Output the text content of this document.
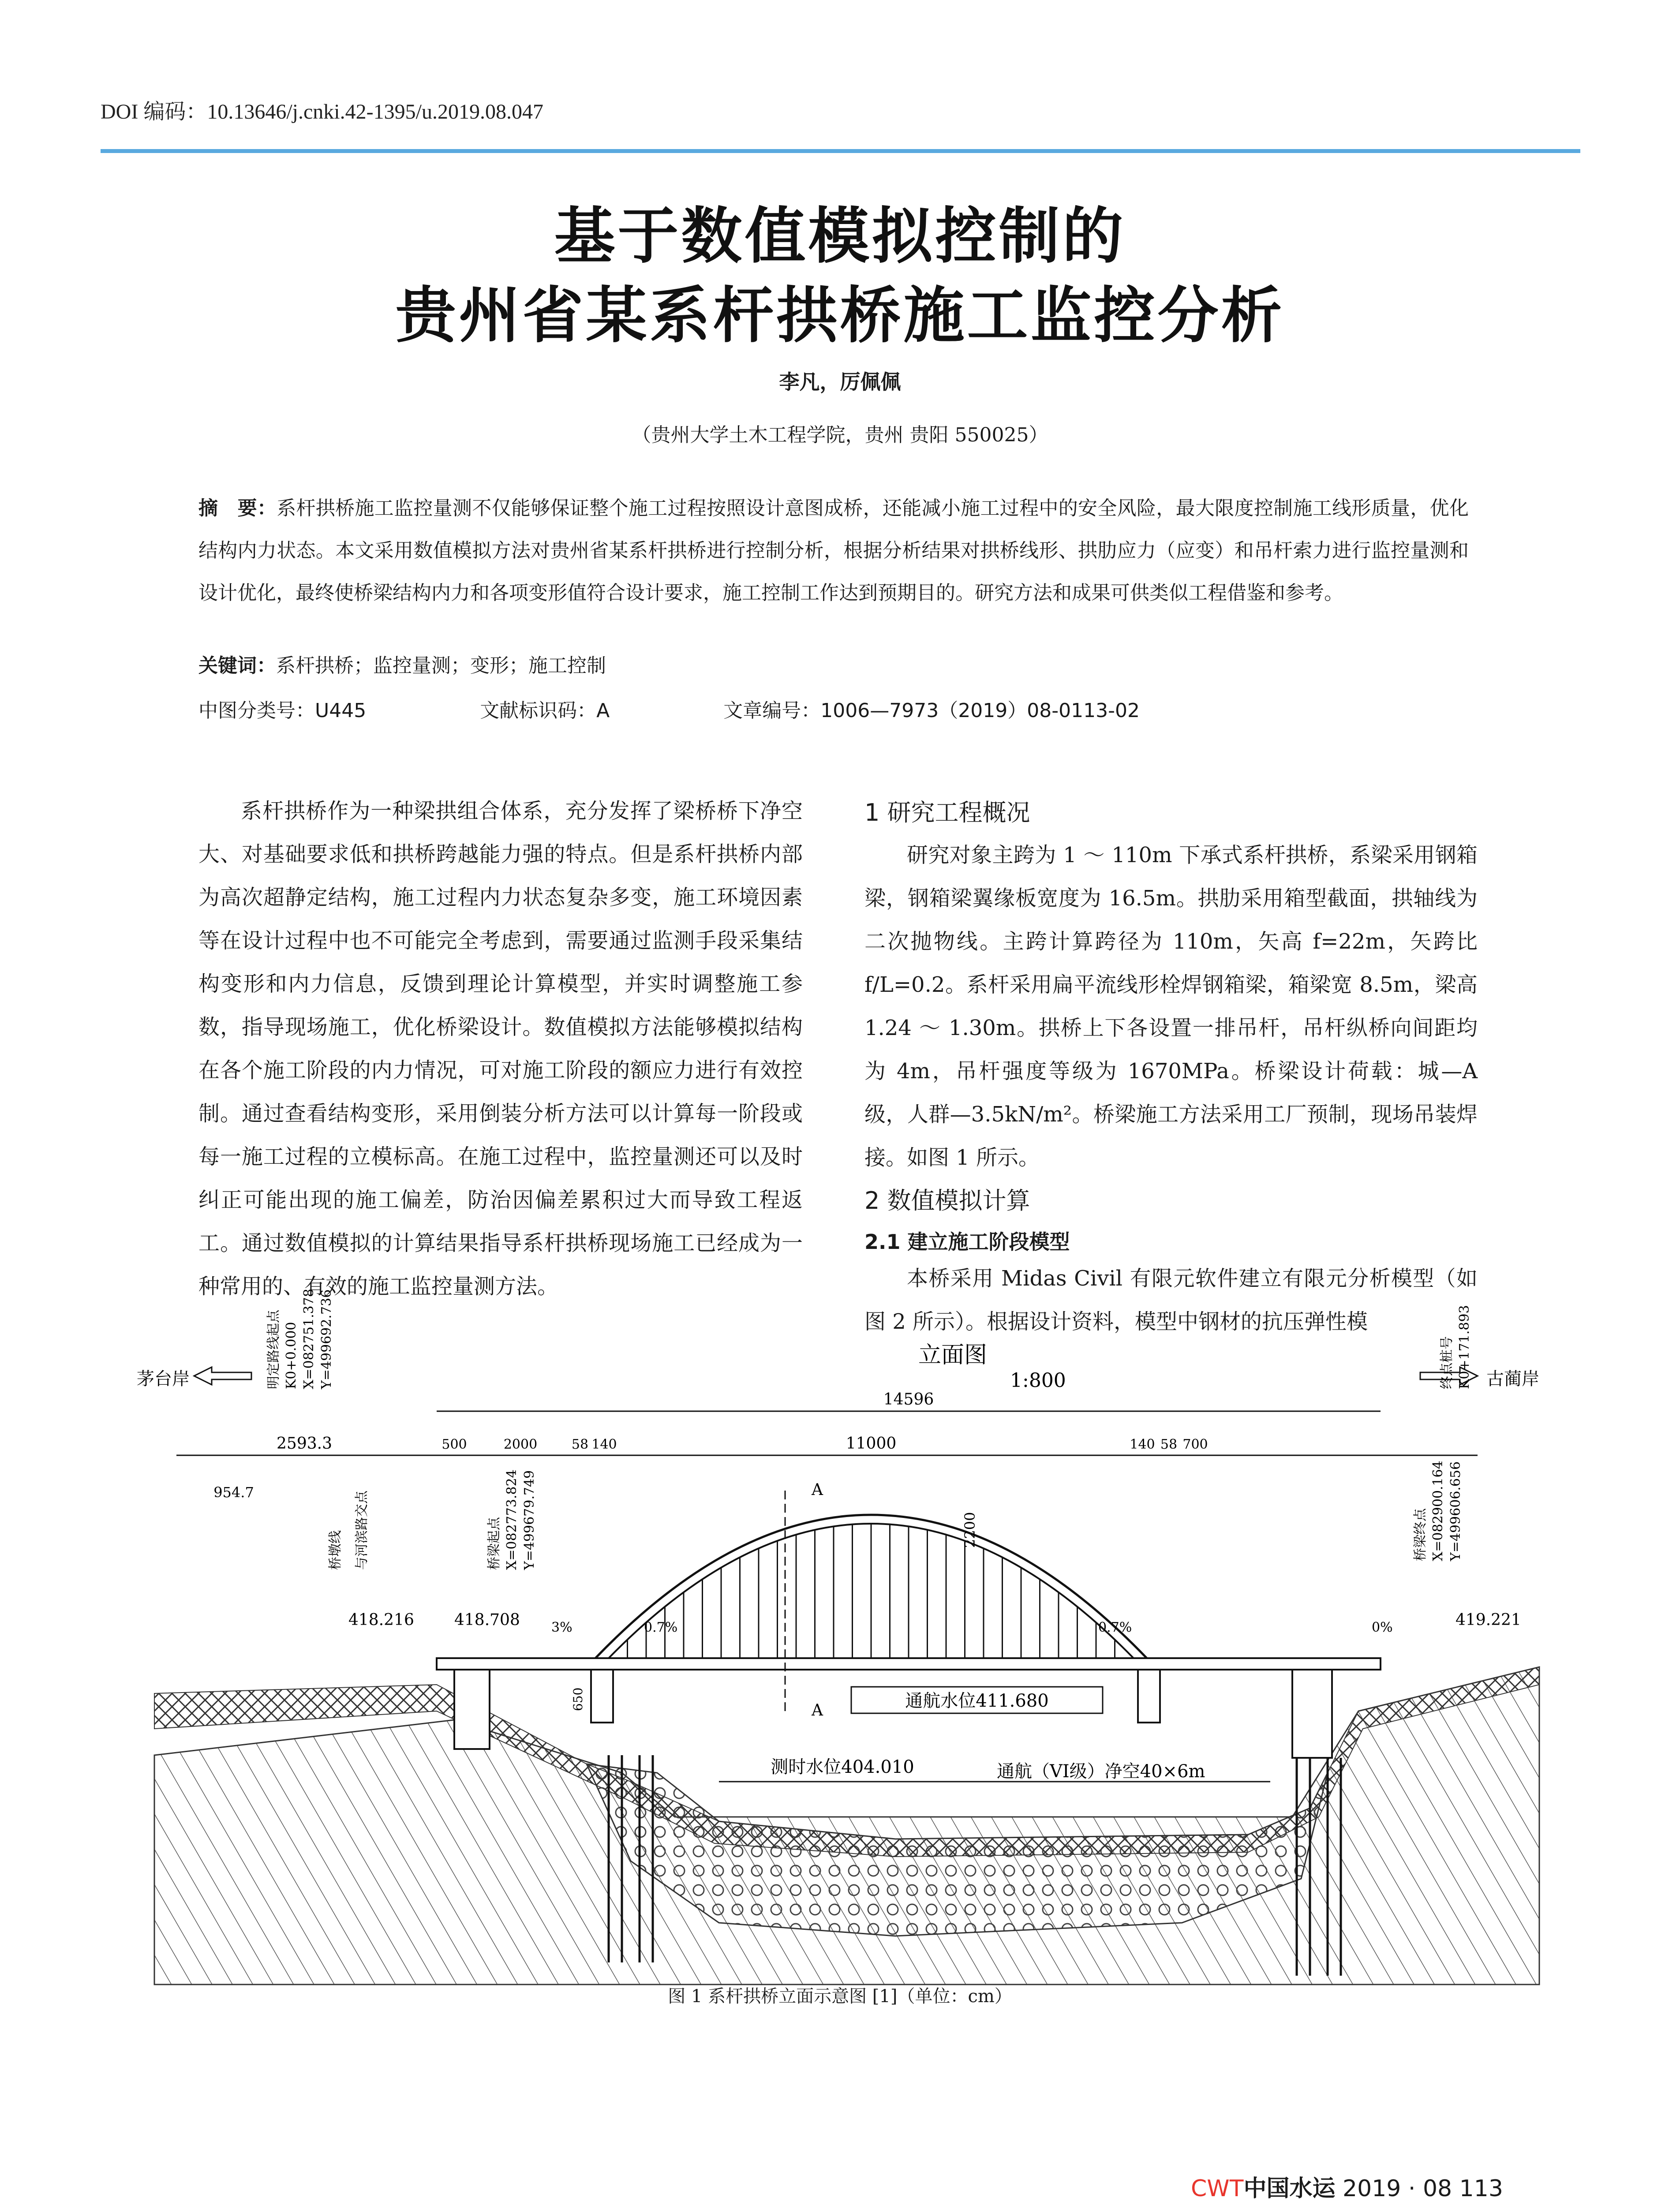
DOI 编码：10.13646/j.cnki.42-1395/u.2019.08.047
基于数值模拟控制的
贵州省某系杆拱桥施工监控分析
李凡，厉佩佩
（贵州大学土木工程学院，贵州 贵阳 550025）
摘　要：系杆拱桥施工监控量测不仅能够保证整个施工过程按照设计意图成桥，还能减小施工过程中的安全风险，最大限度控制施工线形质量，优化结构内力状态。本文采用数值模拟方法对贵州省某系杆拱桥进行控制分析，根据分析结果对拱桥线形、拱肋应力（应变）和吊杆索力进行监控量测和设计优化，最终使桥梁结构内力和各项变形值符合设计要求，施工控制工作达到预期目的。研究方法和成果可供类似工程借鉴和参考。
关键词：系杆拱桥；监控量测；变形；施工控制
中图分类号：U445	文献标识码：A	文章编号：1006—7973（2019）08-0113-02
系杆拱桥作为一种梁拱组合体系，充分发挥了梁桥桥下净空大、对基础要求低和拱桥跨越能力强的特点。但是系杆拱桥内部为高次超静定结构，施工过程内力状态复杂多变，施工环境因素等在设计过程中也不可能完全考虑到，需要通过监测手段采集结构变形和内力信息，反馈到理论计算模型，并实时调整施工参数，指导现场施工，优化桥梁设计。数值模拟方法能够模拟结构在各个施工阶段的内力情况，可对施工阶段的额应力进行有效控制。通过查看结构变形，采用倒装分析方法可以计算每一阶段或每一施工过程的立模标高。在施工过程中，监控量测还可以及时纠正可能出现的施工偏差，防治因偏差累积过大而导致工程返工。通过数值模拟的计算结果指导系杆拱桥现场施工已经成为一种常用的、有效的施工监控量测方法。
1 研究工程概况
研究对象主跨为 1 ～ 110m 下承式系杆拱桥，系梁采用钢箱梁，钢箱梁翼缘板宽度为 16.5m。拱肋采用箱型截面，拱轴线为二次抛物线。主跨计算跨径为 110m，矢高 f=22m，矢跨比 f/L=0.2。系杆采用扁平流线形栓焊钢箱梁，箱梁宽 8.5m，梁高 1.24 ～ 1.30m。拱桥上下各设置一排吊杆，吊杆纵桥向间距均为 4m，吊杆强度等级为 1670MPa。桥梁设计荷载：城—A 级，人群—3.5kN/m²。桥梁施工方法采用工厂预制，现场吊装焊接。如图 1 所示。
2 数值模拟计算
2.1 建立施工阶段模型
本桥采用 Midas Civil 有限元软件建立有限元分析模型（如图 2 所示）。根据设计资料，模型中钢材的抗压弹性模
通航水位411.680
测时水位404.010	通航（VI级）净空40×6m
14596
2593.3	500	2000	58 140	11000	140 58 700
954.7
2200
立面图
1:800
茅台岸	古蔺岸
明定路线起点 K0+0.000 X=082751.378 Y=499692.736
桥梁起点 X=082773.824 Y=499679.749
桥墩线 与河滨路交点
终点桩号 K0+171.893
桥梁终点 X=082900.164 Y=499606.656
418.216	418.708	419.221
3%	0.7%	0.7%	0%
650
A
A
图 1 系杆拱桥立面示意图 [1]（单位：cm）
CWT中国水运 2019 · 08 113
